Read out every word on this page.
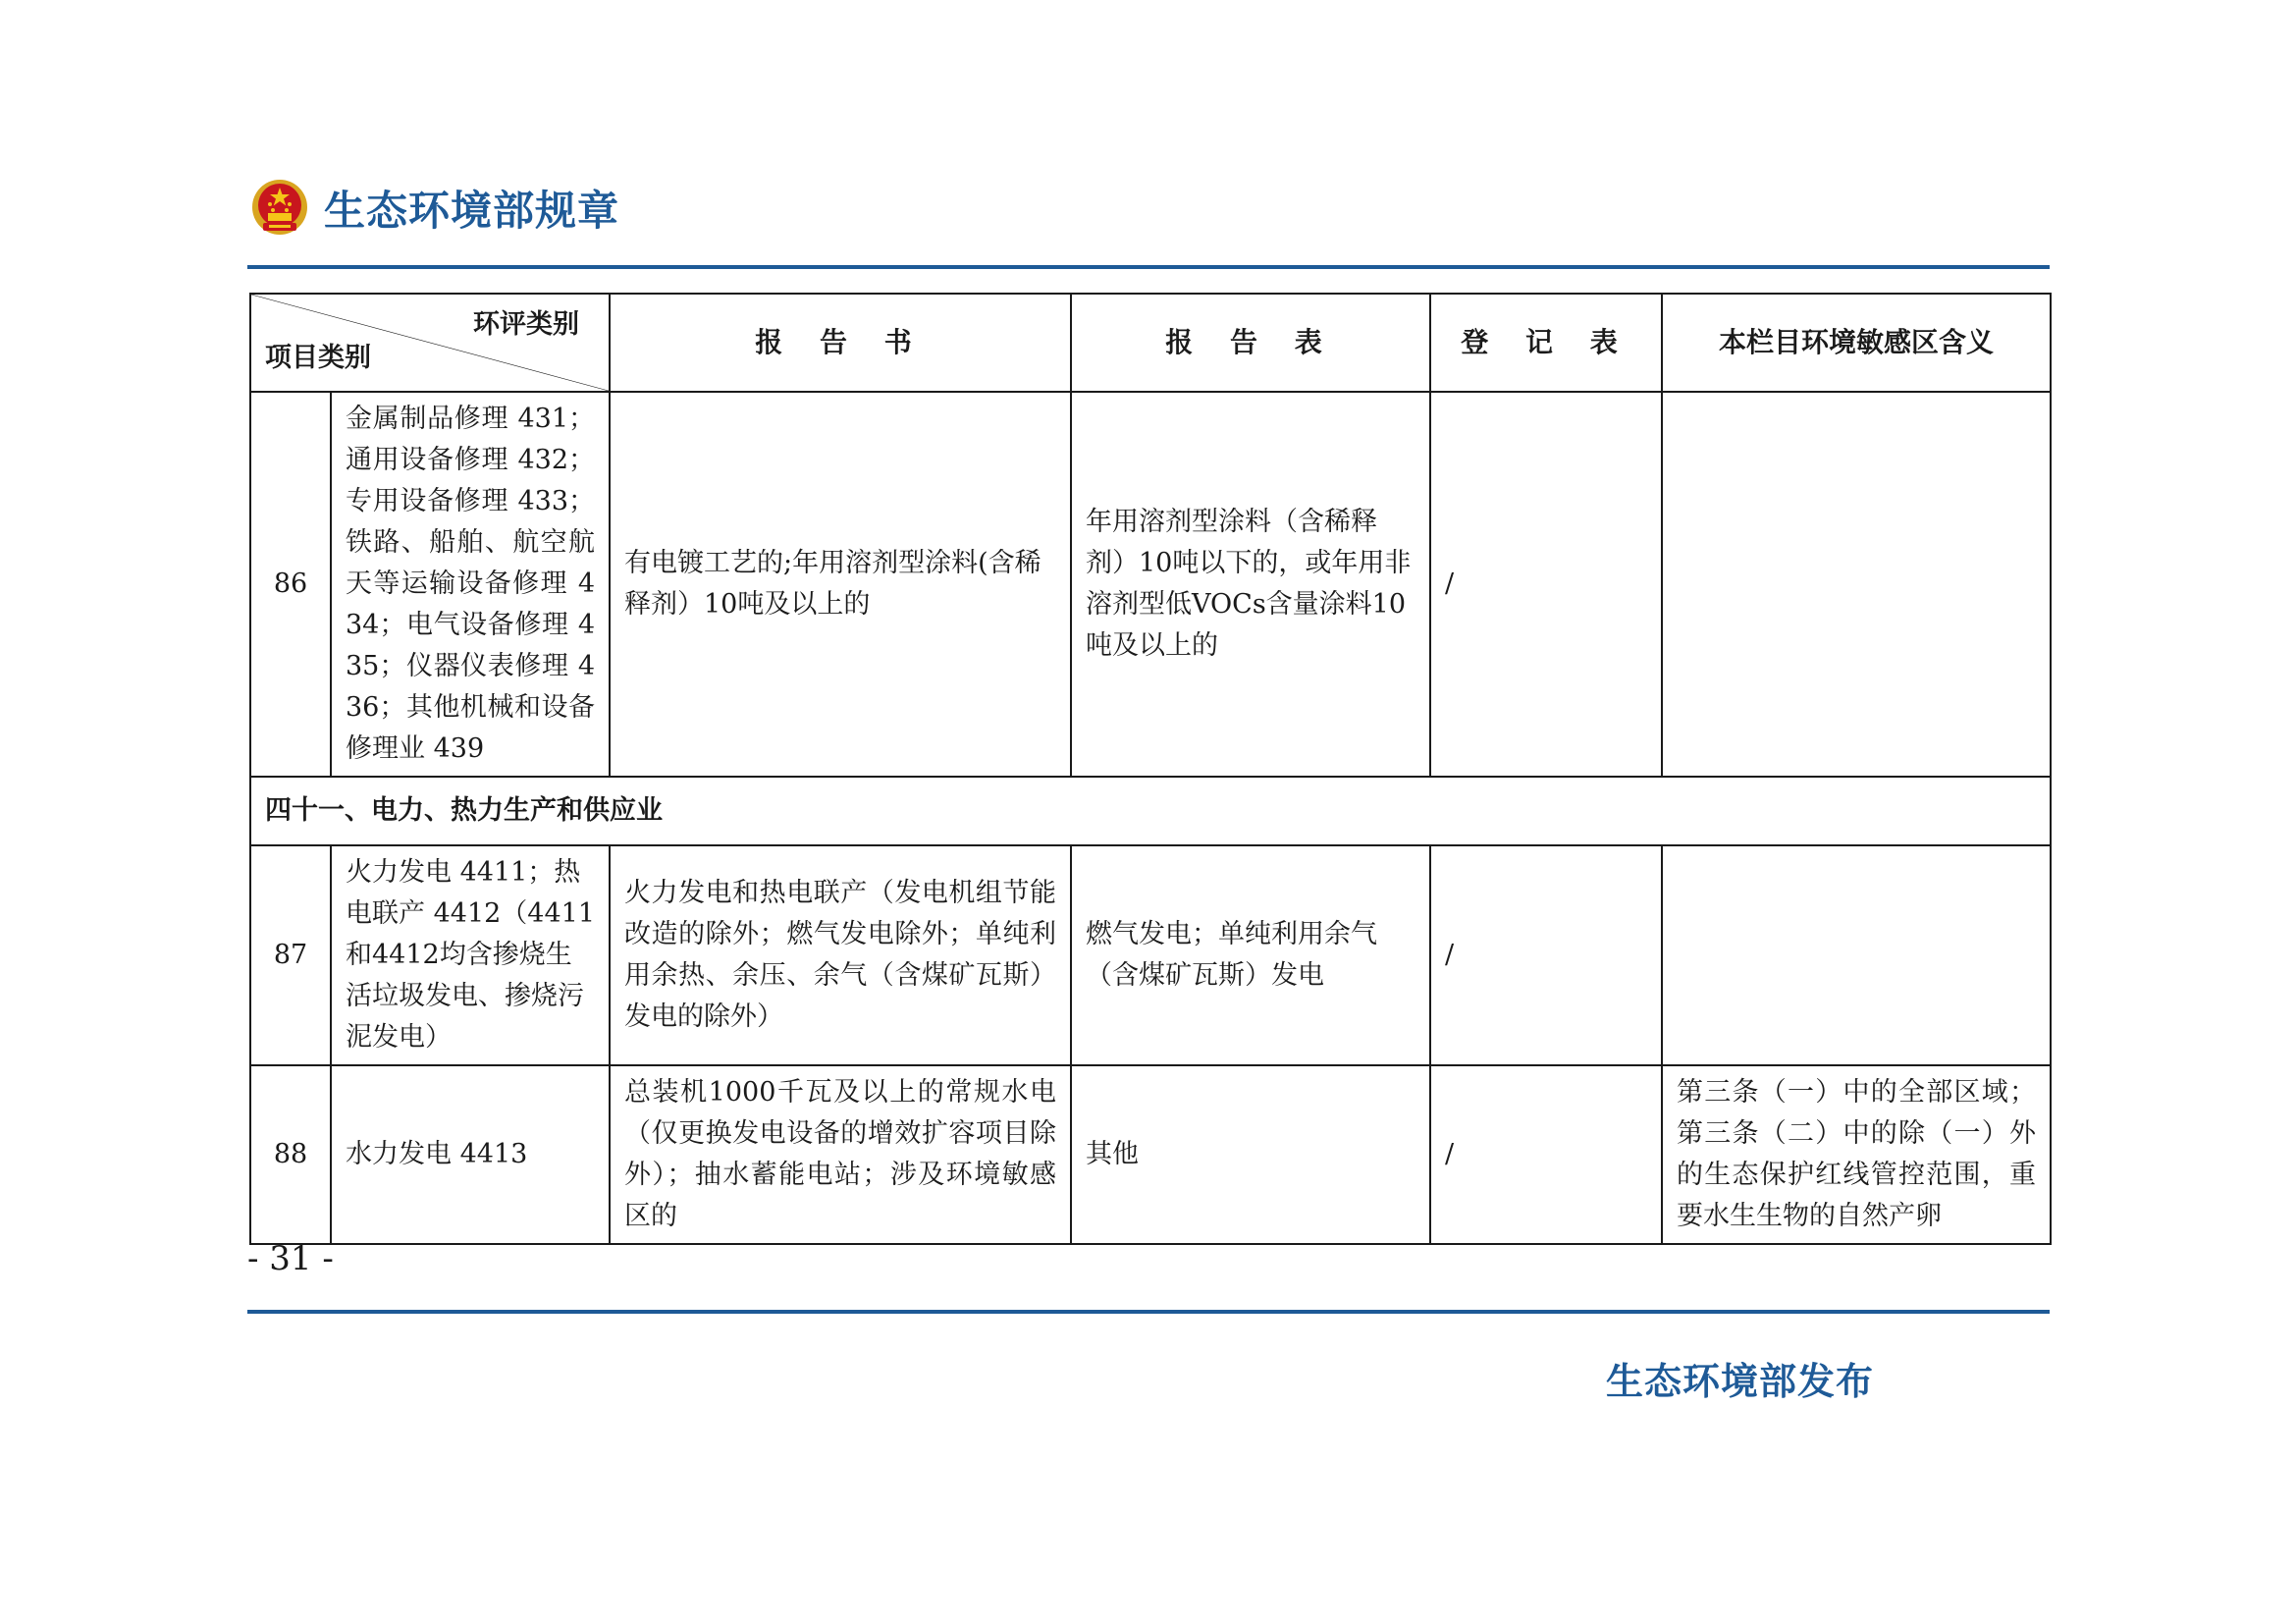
生态环境部规章
环评类别
项目类别		报 告 书	报 告 表	登 记 表	本栏目环境敏感区含义
86	金属制品修理 431；通用设备修理 432；专用设备修理 433；铁路、船舶、航空航天等运输设备修理 434；电气设备修理 435；仪器仪表修理 436；其他机械和设备修理业 439	有电镀工艺的;年用溶剂型涂料(含稀释剂）10吨及以上的	年用溶剂型涂料（含稀释剂）10吨以下的，或年用非溶剂型低VOCs含量涂料10吨及以上的	/	
四十一、电力、热力生产和供应业					
87	火力发电 4411；热电联产 4412（4411和4412均含掺烧生活垃圾发电、掺烧污泥发电）	火力发电和热电联产（发电机组节能改造的除外；燃气发电除外；单纯利用余热、余压、余气（含煤矿瓦斯）发电的除外）	燃气发电；单纯利用余气（含煤矿瓦斯）发电	/	
88	水力发电 4413	总装机1000千瓦及以上的常规水电（仅更换发电设备的增效扩容项目除外）；抽水蓄能电站；涉及环境敏感区的	其他	/	第三条（一）中的全部区域；第三条（二）中的除（一）外的生态保护红线管控范围，重要水生生物的自然产卵
- 31 -
生态环境部发布
